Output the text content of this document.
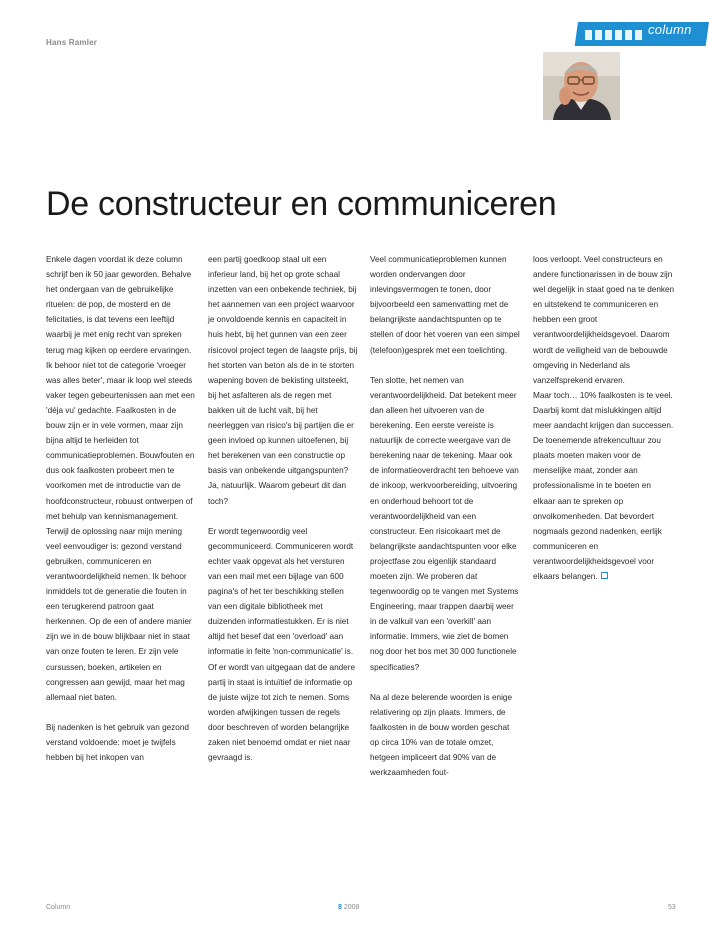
Hans Ramler
column
De constructeur en communiceren

Enkele dagen voordat ik deze column schrijf ben ik 50 jaar geworden. Behalve het ondergaan van de gebruikelijke rituelen: de pop, de mosterd en de felicitaties, is dat tevens een leeftijd waarbij je met enig recht van spreken terug mag kijken op eerdere ervaringen. Ik behoor niet tot de categorie 'vroeger was alles beter', maar ik loop wel steeds vaker tegen gebeurtenissen aan met een 'déja vu' gedachte. Faalkosten in de bouw zijn er in vele vormen, maar zijn bijna altijd te herleiden tot communicatieproblemen. Bouwfouten en dus ook faalkosten probeert men te voorkomen met de introductie van de hoofdconstructeur, robuust ontwerpen of met behulp van kennismanagement. Terwijl de oplossing naar mijn mening veel eenvoudiger is: gezond verstand gebruiken, communiceren en verantwoordelijkheid nemen. Ik behoor inmiddels tot de generatie die fouten in een terugkerend patroon gaat herkennen. Op de een of andere manier zijn we in de bouw blijkbaar niet in staat van onze fouten te leren. Er zijn vele cursussen, boeken, artikelen en congressen aan gewijd, maar het mag allemaal niet baten.

Bij nadenken is het gebruik van gezond verstand voldoende: moet je twijfels hebben bij het inkopen van

een partij goedkoop staal uit een inferieur land, bij het op grote schaal inzetten van een onbekende techniek, bij het aannemen van een project waarvoor je onvoldoende kennis en capaciteit in huis hebt, bij het gunnen van een zeer risicovol project tegen de laagste prijs, bij het storten van beton als de in te storten wapening boven de bekisting uitsteekt, bij het asfalteren als de regen met bakken uit de lucht valt, bij het neerleggen van risico's bij partijen die er geen invloed op kunnen uitoefenen, bij het berekenen van een constructie op basis van onbekende uitgangspunten? Ja, natuurlijk. Waarom gebeurt dit dan toch?

Er wordt tegenwoordig veel gecommuniceerd. Communiceren wordt echter vaak opgevat als het versturen van een mail met een bijlage van 600 pagina's of het ter beschikking stellen van een digitale bibliotheek met duizenden informatiestukken. Er is niet altijd het besef dat een 'overload' aan informatie in feite 'non-communicatie' is.

Of er wordt van uitgegaan dat de andere partij in staat is intuïtief de informatie op de juiste wijze tot zich te nemen. Soms worden afwijkingen tussen de regels door beschreven of worden belangrijke zaken niet benoemd omdat er niet naar gevraagd is.

Veel communicatieproblemen kunnen worden ondervangen door inlevingsvermogen te tonen, door bijvoorbeeld een samenvatting met de belangrijkste aandachtspunten op te stellen of door het voeren van een simpel (telefoon)gesprek met een toelichting.

Ten slotte, het nemen van verantwoordelijkheid. Dat betekent meer dan alleen het uitvoeren van de berekening. Een eerste vereiste is natuurlijk de correcte weergave van de berekening naar de tekening. Maar ook de informatieoverdracht ten behoeve van de inkoop, werkvoorbereiding, uitvoering en onderhoud behoort tot de verantwoordelijkheid van een constructeur. Een risicokaart met de belangrijkste aandachtspunten voor elke projectfase zou eigenlijk standaard moeten zijn. We proberen dat tegenwoordig op te vangen met Systems Engineering, maar trappen daarbij weer in de valkuil van een 'overkill' aan informatie. Immers, wie ziet de bomen nog door het bos met 30 000 functionele specificaties?

Na al deze belerende woorden is enige relativering op zijn plaats. Immers, de faalkosten in de bouw worden geschat op circa 10% van de totale omzet, hetgeen impliceert dat 90% van de werkzaamheden fout-

loos verloopt. Veel constructeurs en andere functionarissen in de bouw zijn wel degelijk in staat goed na te denken en uitstekend te communiceren en hebben een groot verantwoordelijkheidsgevoel. Daarom wordt de veiligheid van de bebouwde omgeving in Nederland als vanzelfsprekend ervaren.

Maar toch… 10% faalkosten is te veel. Daarbij komt dat mislukkingen altijd meer aandacht krijgen dan successen.

De toenemende afrekencultuur zou plaats moeten maken voor de menselijke maat, zonder aan professionalisme in te boeten en elkaar aan te spreken op onvolkomenheden. Dat bevordert nogmaals gezond nadenken, eerlijk communiceren en verantwoordelijkheidsgevoel voor elkaars belangen.

Column	8 2008	53
